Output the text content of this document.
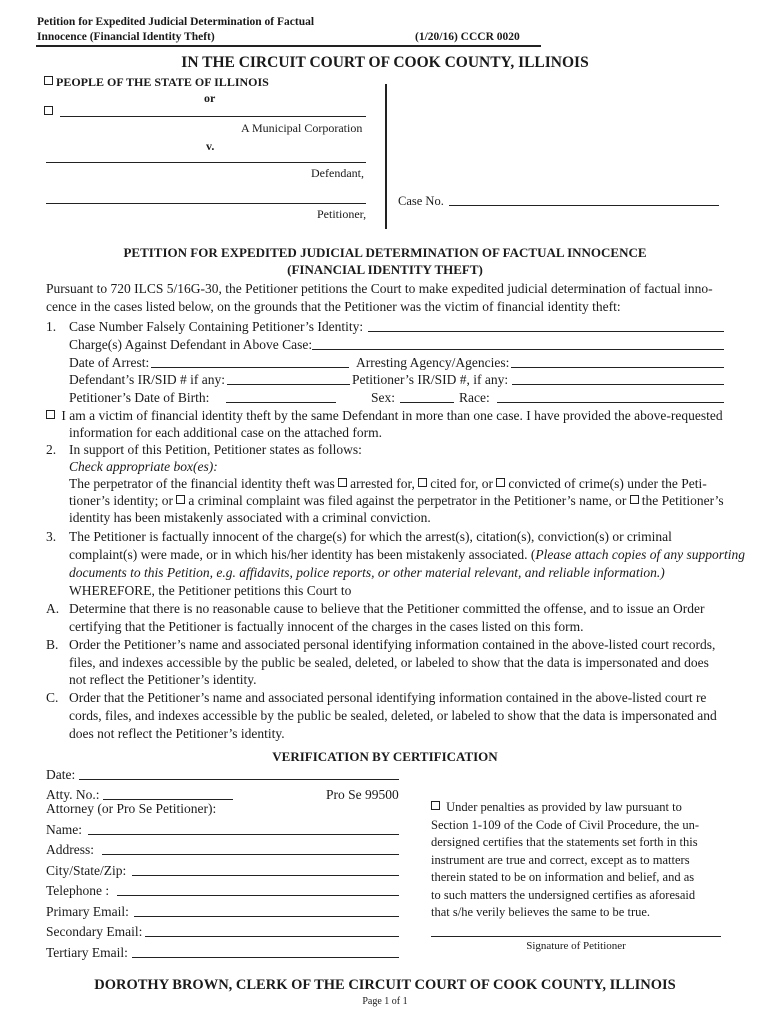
Petition for Expedited Judicial Determination of Factual
Innocence (Financial Identity Theft)	(1/20/16) CCCR 0020
IN THE CIRCUIT COURT OF COOK COUNTY, ILLINOIS
PEOPLE OF THE STATE OF ILLINOIS
or
A Municipal Corporation
v.
Defendant,
Petitioner,
Case No.
PETITION FOR EXPEDITED JUDICIAL DETERMINATION OF FACTUAL INNOCENCE
(FINANCIAL IDENTITY THEFT)
Pursuant to 720 ILCS 5/16G-30, the Petitioner petitions the Court to make expedited judicial determination of factual inno-
cence in the cases listed below, on the grounds that the Petitioner was the victim of financial identity theft:
1. Case Number Falsely Containing Petitioner’s Identity:
Charge(s) Against Defendant in Above Case:
Date of Arrest:	Arresting Agency/Agencies:
Defendant’s IR/SID # if any:	Petitioner’s IR/SID #, if any:
Petitioner’s Date of Birth:	Sex:	Race:
I am a victim of financial identity theft by the same Defendant in more than one case. I have provided the above-requested
information for each additional case on the attached form.
2. In support of this Petition, Petitioner states as follows:
Check appropriate box(es):
The perpetrator of the financial identity theft was arrested for, cited for, or convicted of crime(s) under the Peti-
tioner’s identity; or a criminal complaint was filed against the perpetrator in the Petitioner’s name, or the Petitioner’s
identity has been mistakenly associated with a criminal conviction.
3. The Petitioner is factually innocent of the charge(s) for which the arrest(s), citation(s), conviction(s) or criminal
complaint(s) were made, or in which his/her identity has been mistakenly associated. (Please attach copies of any supporting
documents to this Petition, e.g. affidavits, police reports, or other material relevant, and reliable information.)
WHEREFORE, the Petitioner petitions this Court to
A. Determine that there is no reasonable cause to believe that the Petitioner committed the offense, and to issue an Order
certifying that the Petitioner is factually innocent of the charges in the cases listed on this form.
B. Order the Petitioner’s name and associated personal identifying information contained in the above-listed court records,
files, and indexes accessible by the public be sealed, deleted, or labeled to show that the data is impersonated and does
not reflect the Petitioner’s identity.
C. Order that the Petitioner’s name and associated personal identifying information contained in the above-listed court re
cords, files, and indexes accessible by the public be sealed, deleted, or labeled to show that the data is impersonated and
does not reflect the Petitioner’s identity.
VERIFICATION BY CERTIFICATION
Date:
Atty. No.:	Pro Se 99500
Attorney (or Pro Se Petitioner):
Name:
Address:
City/State/Zip:
Telephone :
Primary Email:
Secondary Email:
Tertiary Email:
Under penalties as provided by law pursuant to
Section 1-109 of the Code of Civil Procedure, the un-
dersigned certifies that the statements set forth in this
instrument are true and correct, except as to matters
therein stated to be on information and belief, and as
to such matters the undersigned certifies as aforesaid
that s/he verily believes the same to be true.
Signature of Petitioner
DOROTHY BROWN, CLERK OF THE CIRCUIT COURT OF COOK COUNTY, ILLINOIS
Page 1 of 1
